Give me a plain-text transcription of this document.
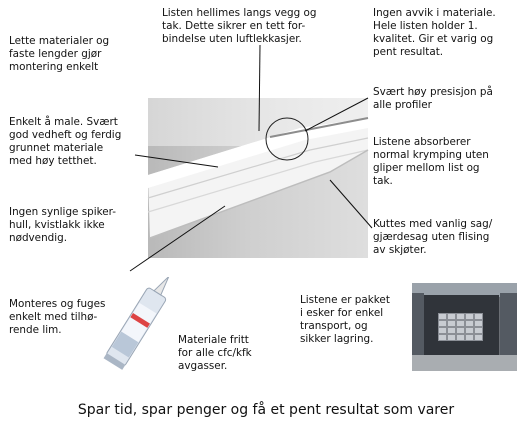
Lette materialer og
faste lengder gjør
montering enkelt
Listen hellimes langs vegg og
tak. Dette sikrer en tett for-
bindelse uten luftlekkasjer.
Ingen avvik i materiale.
Hele listen holder 1.
kvalitet. Gir et varig og
pent resultat.
Svært høy presisjon på
alle profiler
Enkelt å male. Svært
god vedheft og ferdig
grunnet materiale
med høy tetthet.
Listene absorberer
normal krymping uten
gliper mellom list og
tak.
Ingen synlige spiker-
hull, kvistlakk ikke
nødvendig.
Kuttes med vanlig sag/
gjærdesag uten flising
av skjøter.
Listene er pakket
i esker for enkel
transport, og
sikker lagring.
Monteres og fuges
enkelt med tilhø-
rende lim.
Materiale fritt
for alle cfc/kfk
avgasser.
Spar tid, spar penger og få et pent resultat som varer
